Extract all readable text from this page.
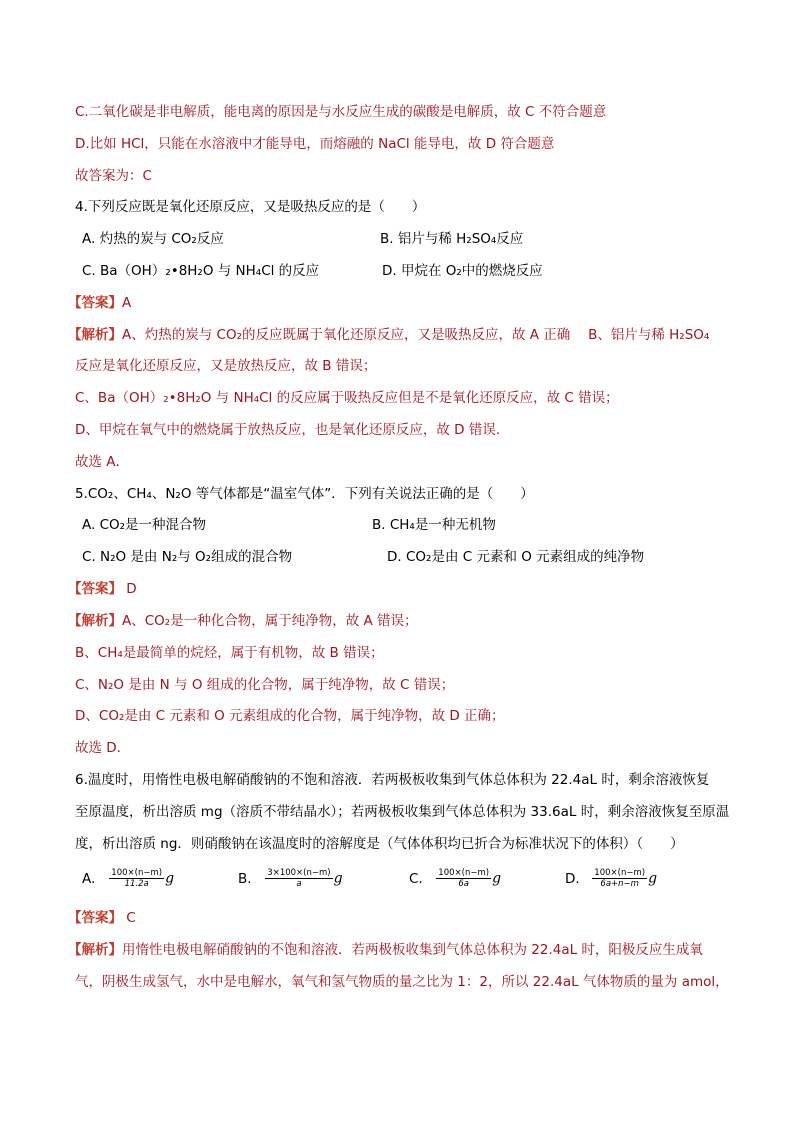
C.二氧化碳是非电解质，能电离的原因是与水反应生成的碳酸是电解质，故 C 不符合题意
D.比如 HCl，只能在水溶液中才能导电，而熔融的 NaCl 能导电，故 D 符合题意
故答案为：C
4.下列反应既是氧化还原反应，又是吸热反应的是（　　）
A. 灼热的炭与 CO₂反应	B. 铝片与稀 H₂SO₄反应
C. Ba（OH）₂•8H₂O 与 NH₄Cl 的反应	D. 甲烷在 O₂中的燃烧反应
【答案】A
【解析】A、灼热的炭与 CO₂的反应既属于氧化还原反应，又是吸热反应，故 A 正确　 B、铝片与稀 H₂SO₄
反应是氧化还原反应，又是放热反应，故 B 错误；
C、Ba（OH）₂•8H₂O 与 NH₄Cl 的反应属于吸热反应但是不是氧化还原反应，故 C 错误；
D、甲烷在氧气中的燃烧属于放热反应，也是氧化还原反应，故 D 错误．
故选 A．
5.CO₂、CH₄、N₂O 等气体都是“温室气体”．下列有关说法正确的是（　　）
A. CO₂是一种混合物	B. CH₄是一种无机物
C. N₂O 是由 N₂与 O₂组成的混合物	D. CO₂是由 C 元素和 O 元素组成的纯净物
【答案】 D
【解析】A、CO₂是一种化合物，属于纯净物，故 A 错误；
B、CH₄是最简单的烷烃，属于有机物，故 B 错误；
C、N₂O 是由 N 与 O 组成的化合物，属于纯净物，故 C 错误；
D、CO₂是由 C 元素和 O 元素组成的化合物，属于纯净物，故 D 正确；
故选 D．
6.温度时，用惰性电极电解硝酸钠的不饱和溶液．若两极板收集到气体总体积为 22.4aL 时，剩余溶液恢复
至原温度，析出溶质 mg（溶质不带结晶水）；若两极板收集到气体总体积为 33.6aL 时，剩余溶液恢复至原温
度，析出溶质 ng．则硝酸钠在该温度时的溶解度是（气体体积均已折合为标准状况下的体积）（　　）
A. $\frac{100\times(n-m)}{11.2a}$ g	B. $\frac{3\times 100\times(n-m)}{a}$ g	C. $\frac{100\times(n-m)}{6a}$ g	D. $\frac{100\times(n-m)}{6a+n-m}$ g
【答案】 C
【解析】用惰性电极电解硝酸钠的不饱和溶液．若两极板收集到气体总体积为 22.4aL 时，阳极反应生成氧
气，阴极生成氢气，水中是电解水，氧气和氢气物质的量之比为 1：2，所以 22.4aL 气体物质的量为 amol，
